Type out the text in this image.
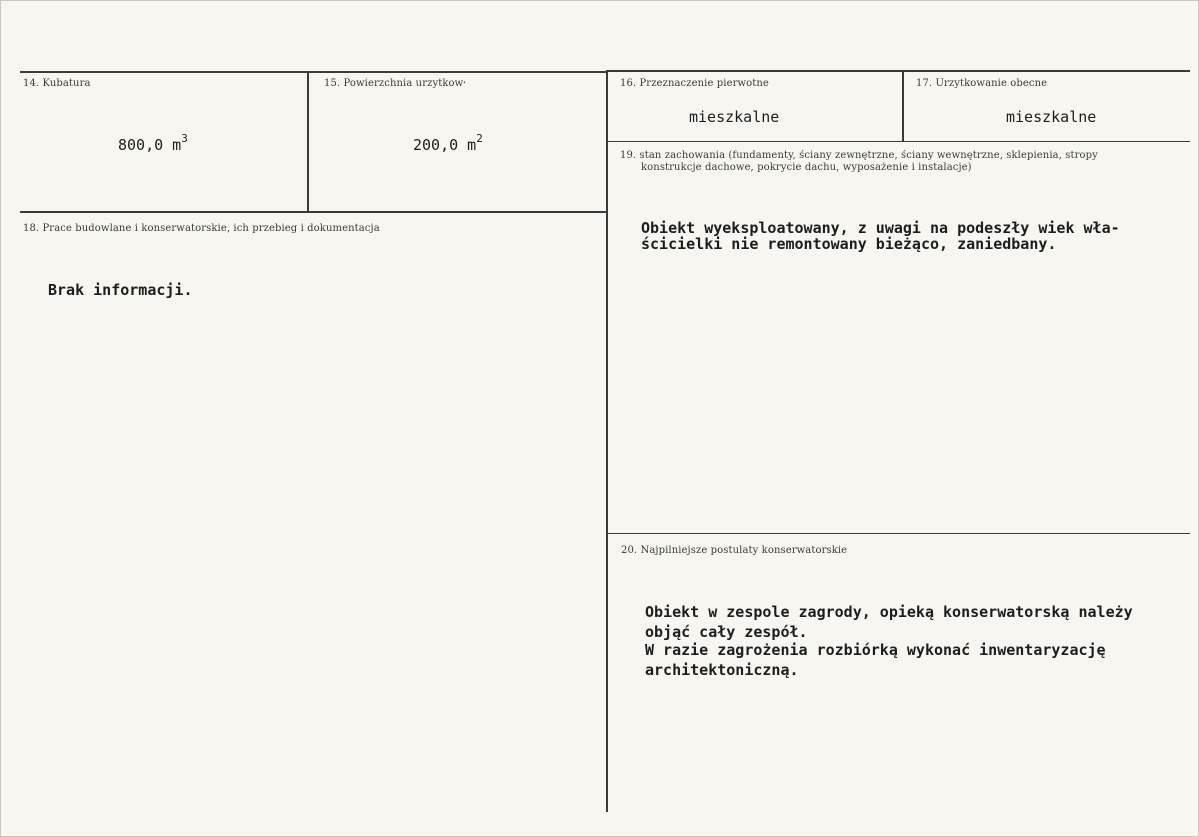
14. Kubatura
800,0 $m^3$
15. Powierzchnia urzytkow˒
200,0 $m^2$
16. Przeznaczenie pierwotne
mieszkalne
17. Urzytkowanie obecne
mieszkalne
18. Prace budowlane i konserwatorskie, ich przebieg i dokumentacja
Brak informacji.
19. stan zachowania (fundamenty, ściany zewnętrzne, ściany wewnętrzne, sklepienia, stropy
konstrukcje dachowe, pokrycie dachu, wyposażenie i instalacje)
Obiekt wyeksploatowany, z uwagi na podeszły wiek wła-
ścicielki nie remontowany bieżąco, zaniedbany.
20. Najpilniejsze postulaty konserwatorskie
Obiekt w zespole zagrody, opieką konserwatorską należy
objąć cały zespół.
W razie zagrożenia rozbiórką wykonać inwentaryzację
architektoniczną.
